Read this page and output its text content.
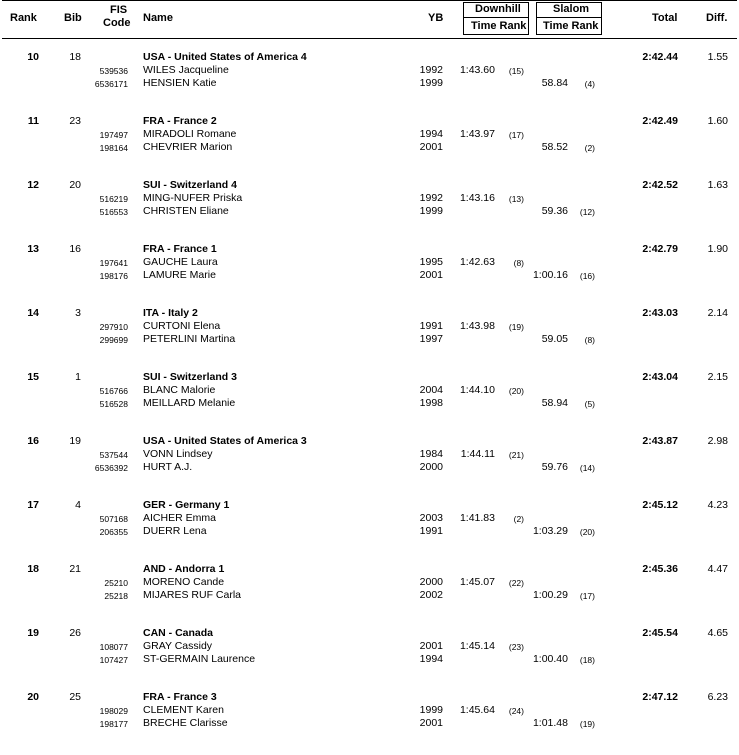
Rank Bib
FIS
Code Name	YB
Downhill
Time Rank
Slalom
Time Rank
Total	Diff.
10	18	USA - United States of America 4	2:42.44	1.55
539536 WILES Jacqueline	1992 1:43.60 (15)
6536171 HENSIEN Katie	1999	58.84 (4)
11	23	FRA - France 2	2:42.49	1.60
197497 MIRADOLI Romane	1994 1:43.97 (17)
198164 CHEVRIER Marion	2001	58.52 (2)
12	20	SUI - Switzerland 4	2:42.52	1.63
516219 MING-NUFER Priska	1992 1:43.16 (13)
516553 CHRISTEN Eliane	1999	59.36 (12)
13	16	FRA - France 1	2:42.79	1.90
197641 GAUCHE Laura	1995 1:42.63 (8)
198176 LAMURE Marie	2001	1:00.16 (16)
14	3	ITA - Italy 2	2:43.03	2.14
297910 CURTONI Elena	1991 1:43.98 (19)
299699 PETERLINI Martina	1997	59.05 (8)
15	1	SUI - Switzerland 3	2:43.04	2.15
516766 BLANC Malorie	2004 1:44.10 (20)
516528 MEILLARD Melanie	1998	58.94 (5)
16	19	USA - United States of America 3	2:43.87	2.98
537544 VONN Lindsey	1984 1:44.11 (21)
6536392 HURT A.J.	2000	59.76 (14)
17	4	GER - Germany 1	2:45.12	4.23
507168 AICHER Emma	2003 1:41.83 (2)
206355 DUERR Lena	1991	1:03.29 (20)
18	21	AND - Andorra 1	2:45.36	4.47
25210 MORENO Cande	2000 1:45.07 (22)
25218 MIJARES RUF Carla	2002	1:00.29 (17)
19	26	CAN - Canada	2:45.54	4.65
108077 GRAY Cassidy	2001 1:45.14 (23)
107427 ST-GERMAIN Laurence	1994	1:00.40 (18)
20	25	FRA - France 3	2:47.12	6.23
198029 CLEMENT Karen	1999 1:45.64 (24)
198177 BRECHE Clarisse	2001	1:01.48 (19)
